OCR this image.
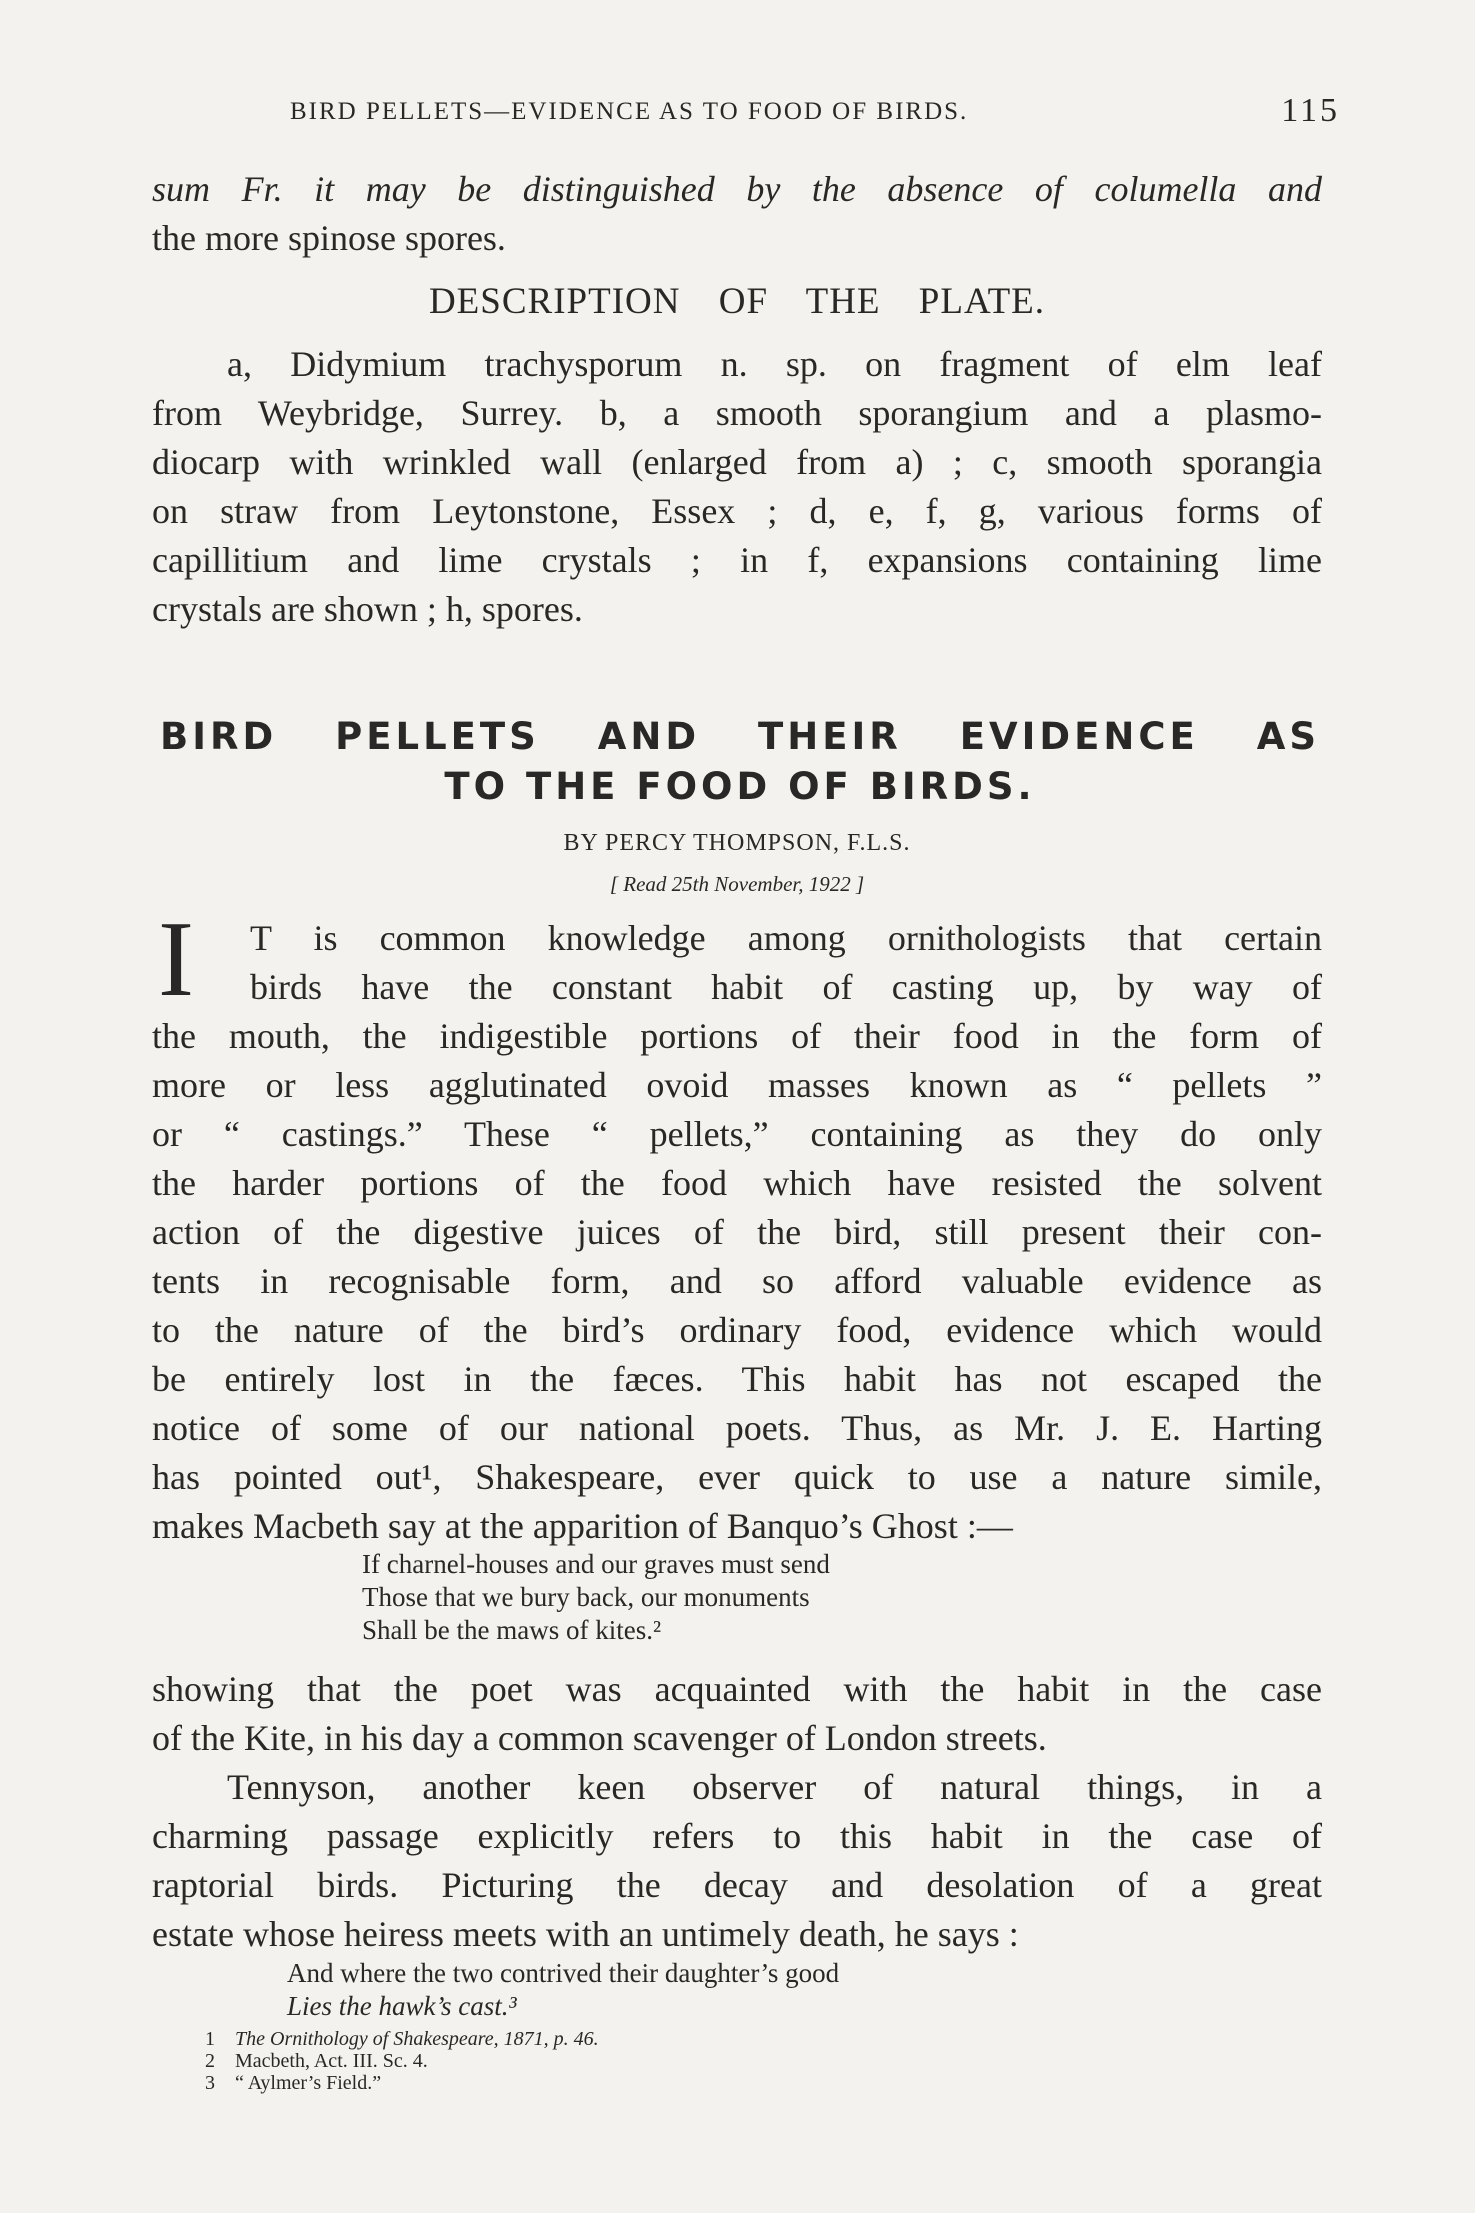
BIRD PELLETS—EVIDENCE AS TO FOOD OF BIRDS.	115
sum Fr. it may be distinguished by the absence of columella and
the more spinose spores.
DESCRIPTION OF THE PLATE.
a, Didymium trachysporum n. sp. on fragment of elm leaf
from Weybridge, Surrey. b, a smooth sporangium and a plasmo-
diocarp with wrinkled wall (enlarged from a) ; c, smooth sporangia
on straw from Leytonstone, Essex ; d, e, f, g, various forms of
capillitium and lime crystals ; in f, expansions containing lime
crystals are shown ; h, spores.
BIRD PELLETS AND THEIR EVIDENCE AS
TO THE FOOD OF BIRDS.
BY PERCY THOMPSON, F.L.S.
[ Read 25th November, 1922 ]
I	T is common knowledge among ornithologists that certain
birds have the constant habit of casting up, by way of
the mouth, the indigestible portions of their food in the form of
more or less agglutinated ovoid masses known as “ pellets ”
or “ castings.” These “ pellets,” containing as they do only
the harder portions of the food which have resisted the solvent
action of the digestive juices of the bird, still present their con-
tents in recognisable form, and so afford valuable evidence as
to the nature of the bird’s ordinary food, evidence which would
be entirely lost in the fæces. This habit has not escaped the
notice of some of our national poets. Thus, as Mr. J. E. Harting
has pointed out¹, Shakespeare, ever quick to use a nature simile,
makes Macbeth say at the apparition of Banquo’s Ghost :—
If charnel-houses and our graves must send
Those that we bury back, our monuments
Shall be the maws of kites.²
showing that the poet was acquainted with the habit in the case
of the Kite, in his day a common scavenger of London streets.
Tennyson, another keen observer of natural things, in a
charming passage explicitly refers to this habit in the case of
raptorial birds. Picturing the decay and desolation of a great
estate whose heiress meets with an untimely death, he says :
And where the two contrived their daughter’s good
Lies the hawk’s cast.³
1 The Ornithology of Shakespeare, 1871, p. 46.
2 Macbeth, Act. III. Sc. 4.
3 “ Aylmer’s Field.”
